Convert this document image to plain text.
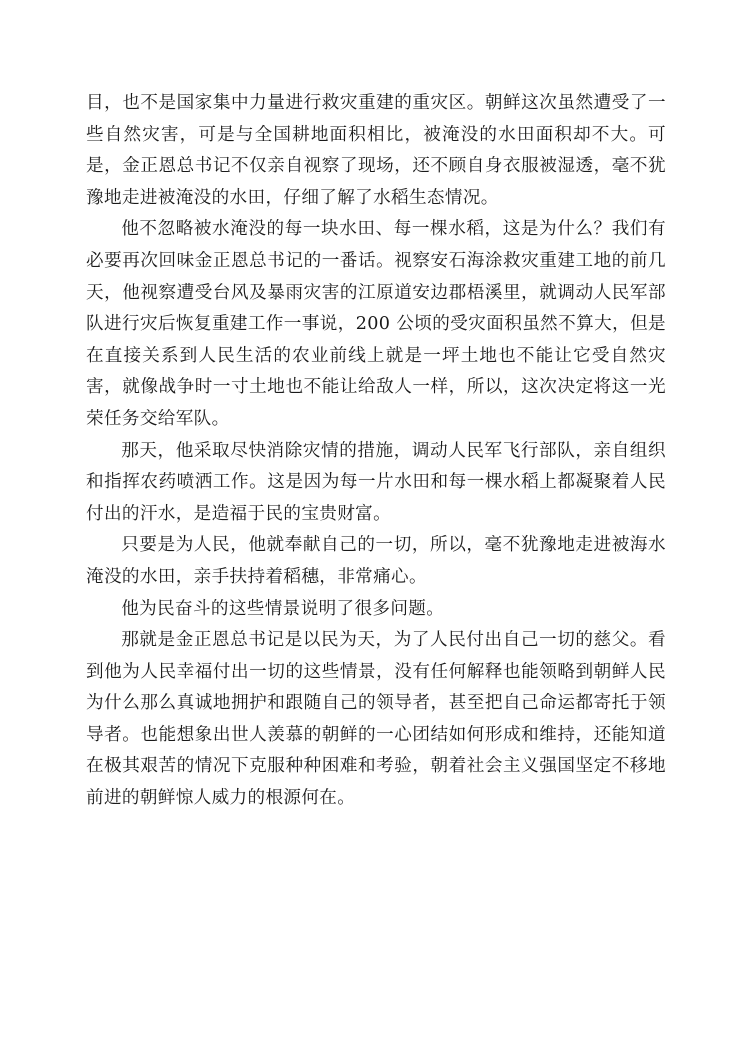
目，也不是国家集中力量进行救灾重建的重灾区。朝鲜这次虽然遭受了一些自然灾害，可是与全国耕地面积相比，被淹没的水田面积却不大。可是，金正恩总书记不仅亲自视察了现场，还不顾自身衣服被湿透，毫不犹豫地走进被淹没的水田，仔细了解了水稻生态情况。

他不忽略被水淹没的每一块水田、每一棵水稻，这是为什么？我们有必要再次回味金正恩总书记的一番话。视察安石海涂救灾重建工地的前几天，他视察遭受台风及暴雨灾害的江原道安边郡梧溪里，就调动人民军部队进行灾后恢复重建工作一事说，200 公顷的受灾面积虽然不算大，但是在直接关系到人民生活的农业前线上就是一坪土地也不能让它受自然灾害，就像战争时一寸土地也不能让给敌人一样，所以，这次决定将这一光荣任务交给军队。

那天，他采取尽快消除灾情的措施，调动人民军飞行部队，亲自组织和指挥农药喷洒工作。这是因为每一片水田和每一棵水稻上都凝聚着人民付出的汗水，是造福于民的宝贵财富。

只要是为人民，他就奉献自己的一切，所以，毫不犹豫地走进被海水淹没的水田，亲手扶持着稻穗，非常痛心。

他为民奋斗的这些情景说明了很多问题。

那就是金正恩总书记是以民为天，为了人民付出自己一切的慈父。看到他为人民幸福付出一切的这些情景，没有任何解释也能领略到朝鲜人民为什么那么真诚地拥护和跟随自己的领导者，甚至把自己命运都寄托于领导者。也能想象出世人羡慕的朝鲜的一心团结如何形成和维持，还能知道在极其艰苦的情况下克服种种困难和考验，朝着社会主义强国坚定不移地前进的朝鲜惊人威力的根源何在。
